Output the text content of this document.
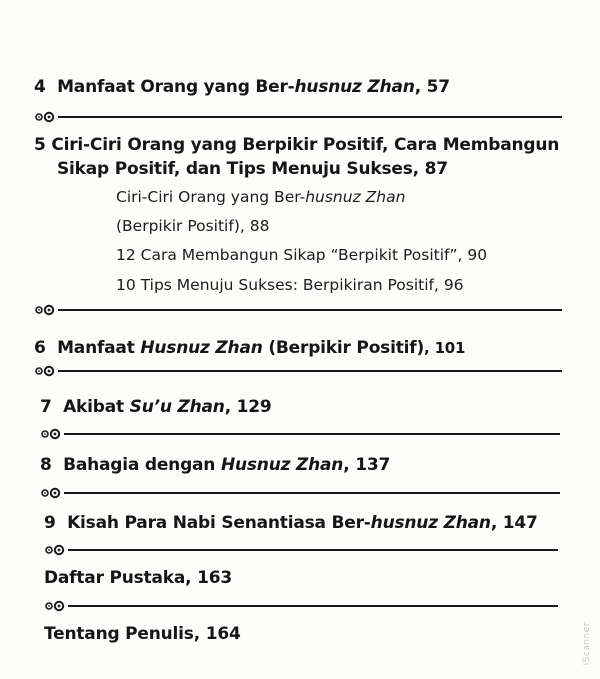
4 Manfaat Orang yang Ber-husnuz Zhan, 57
5 Ciri-Ciri Orang yang Berpikir Positif, Cara Membangun
Sikap Positif, dan Tips Menuju Sukses, 87
Ciri-Ciri Orang yang Ber-husnuz Zhan
(Berpikir Positif), 88
12 Cara Membangun Sikap “Berpikit Positif”, 90
10 Tips Menuju Sukses: Berpikiran Positif, 96
6 Manfaat Husnuz Zhan (Berpikir Positif), 101
7 Akibat Su’u Zhan, 129
8 Bahagia dengan Husnuz Zhan, 137
9 Kisah Para Nabi Senantiasa Ber-husnuz Zhan, 147
Daftar Pustaka, 163
Tentang Penulis, 164	iScanner
